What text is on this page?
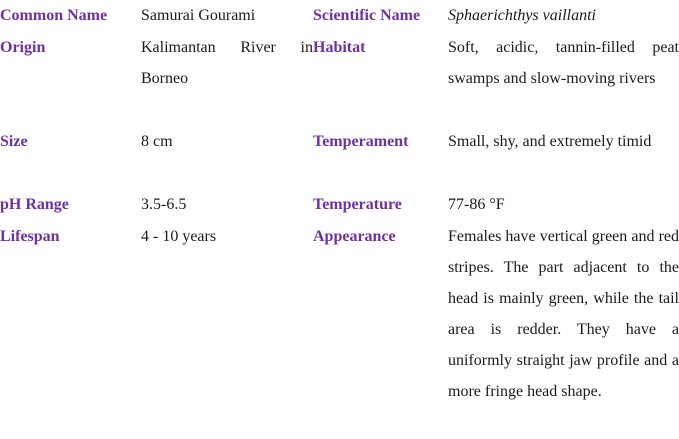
Common Name	Samurai Gourami	Scientific Name	Sphaerichthys vaillanti
Origin	Kalimantan River in Borneo	Habitat	Soft, acidic, tannin-filled peat swamps and slow-moving rivers
Size	8 cm	Temperament	Small, shy, and extremely timid
pH Range	3.5-6.5	Temperature	77-86 °F
Lifespan	4 - 10 years	Appearance	Females have vertical green and red stripes. The part adjacent to the head is mainly green, while the tail area is redder. They have a uniformly straight jaw profile and a more fringe head shape.
